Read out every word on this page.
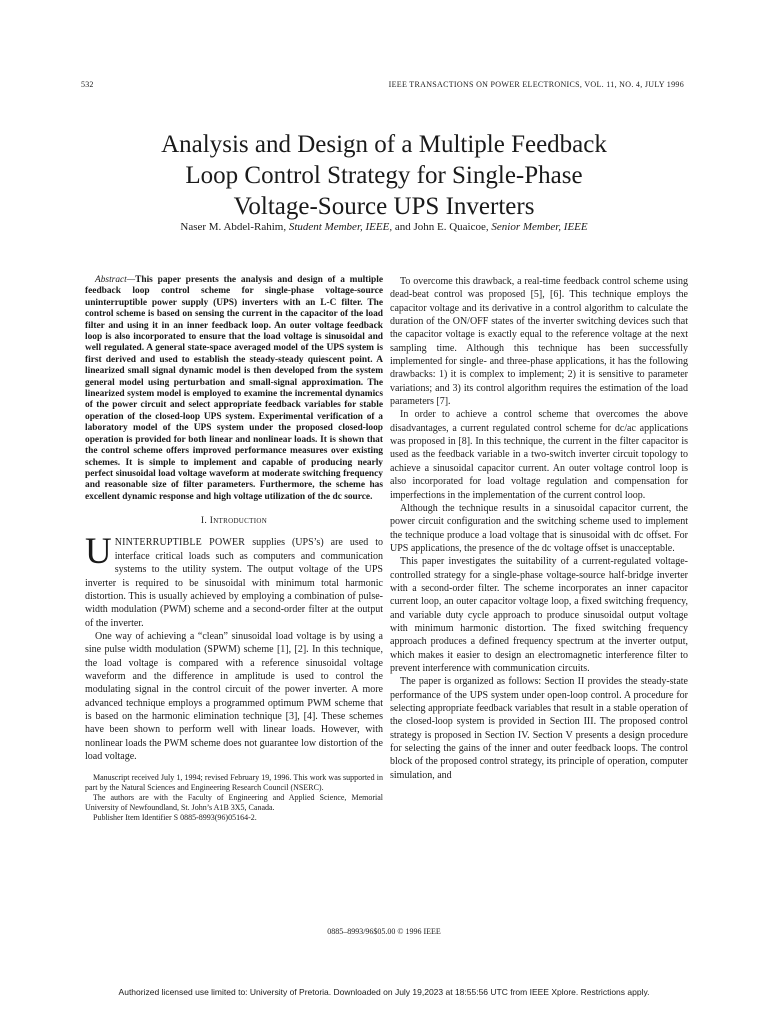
532	IEEE TRANSACTIONS ON POWER ELECTRONICS, VOL. 11, NO. 4, JULY 1996
Analysis and Design of a Multiple Feedback
Loop Control Strategy for Single-Phase
Voltage-Source UPS Inverters
Naser M. Abdel-Rahim, Student Member, IEEE, and John E. Quaicoe, Senior Member, IEEE

Abstract—This paper presents the analysis and design of a multiple feedback loop control scheme for single-phase voltage-source uninterruptible power supply (UPS) inverters with an L-C filter. The control scheme is based on sensing the current in the capacitor of the load filter and using it in an inner feedback loop. An outer voltage feedback loop is also incorporated to ensure that the load voltage is sinusoidal and well regulated. A general state-space averaged model of the UPS system is first derived and used to establish the steady-steady quiescent point. A linearized small signal dynamic model is then developed from the system general model using perturbation and small-signal approximation. The linearized system model is employed to examine the incremental dynamics of the power circuit and select appropriate feedback variables for stable operation of the closed-loop UPS system. Experimental verification of a laboratory model of the UPS system under the proposed closed-loop operation is provided for both linear and nonlinear loads. It is shown that the control scheme offers improved performance measures over existing schemes. It is simple to implement and capable of producing nearly perfect sinusoidal load voltage waveform at moderate switching frequency and reasonable size of filter parameters. Furthermore, the scheme has excellent dynamic response and high voltage utilization of the dc source.

I. Introduction

UNINTERRUPTIBLE POWER supplies (UPS’s) are used to interface critical loads such as computers and communication systems to the utility system. The output voltage of the UPS inverter is required to be sinusoidal with minimum total harmonic distortion. This is usually achieved by employing a combination of pulse-width modulation (PWM) scheme and a second-order filter at the output of the inverter.

One way of achieving a “clean” sinusoidal load voltage is by using a sine pulse width modulation (SPWM) scheme [1], [2]. In this technique, the load voltage is compared with a reference sinusoidal voltage waveform and the difference in amplitude is used to control the modulating signal in the control circuit of the power inverter. A more advanced technique employs a programmed optimum PWM scheme that is based on the harmonic elimination technique [3], [4]. These schemes have been shown to perform well with linear loads. However, with nonlinear loads the PWM scheme does not guarantee low distortion of the load voltage.

Manuscript received July 1, 1994; revised February 19, 1996. This work was supported in part by the Natural Sciences and Engineering Research Council (NSERC).

The authors are with the Faculty of Engineering and Applied Science, Memorial University of Newfoundland, St. John’s A1B 3X5, Canada.

Publisher Item Identifier S 0885-8993(96)05164-2.

To overcome this drawback, a real-time feedback control scheme using dead-beat control was proposed [5], [6]. This technique employs the capacitor voltage and its derivative in a control algorithm to calculate the duration of the ON/OFF states of the inverter switching devices such that the capacitor voltage is exactly equal to the reference voltage at the next sampling time. Although this technique has been successfully implemented for single- and three-phase applications, it has the following drawbacks: 1) it is complex to implement; 2) it is sensitive to parameter variations; and 3) its control algorithm requires the estimation of the load parameters [7].

In order to achieve a control scheme that overcomes the above disadvantages, a current regulated control scheme for dc/ac applications was proposed in [8]. In this technique, the current in the filter capacitor is used as the feedback variable in a two-switch inverter circuit topology to achieve a sinusoidal capacitor current. An outer voltage control loop is also incorporated for load voltage regulation and compensation for imperfections in the implementation of the current control loop.

Although the technique results in a sinusoidal capacitor current, the power circuit configuration and the switching scheme used to implement the technique produce a load voltage that is sinusoidal with dc offset. For UPS applications, the presence of the dc voltage offset is unacceptable.

This paper investigates the suitability of a current-regulated voltage-controlled strategy for a single-phase voltage-source half-bridge inverter with a second-order filter. The scheme incorporates an inner capacitor current loop, an outer capacitor voltage loop, a fixed switching frequency, and variable duty cycle approach to produce sinusoidal output voltage with minimum harmonic distortion. The fixed switching frequency approach produces a defined frequency spectrum at the inverter output, which makes it easier to design an electromagnetic interference filter to prevent interference with communication circuits.

The paper is organized as follows: Section II provides the steady-state performance of the UPS system under open-loop control. A procedure for selecting appropriate feedback variables that result in a stable operation of the closed-loop system is provided in Section III. The proposed control strategy is proposed in Section IV. Section V presents a design procedure for selecting the gains of the inner and outer feedback loops. The control block of the proposed control strategy, its principle of operation, computer simulation, and

0885–8993/96$05.00 © 1996 IEEE
Authorized licensed use limited to: University of Pretoria. Downloaded on July 19,2023 at 18:55:56 UTC from IEEE Xplore. Restrictions apply.
